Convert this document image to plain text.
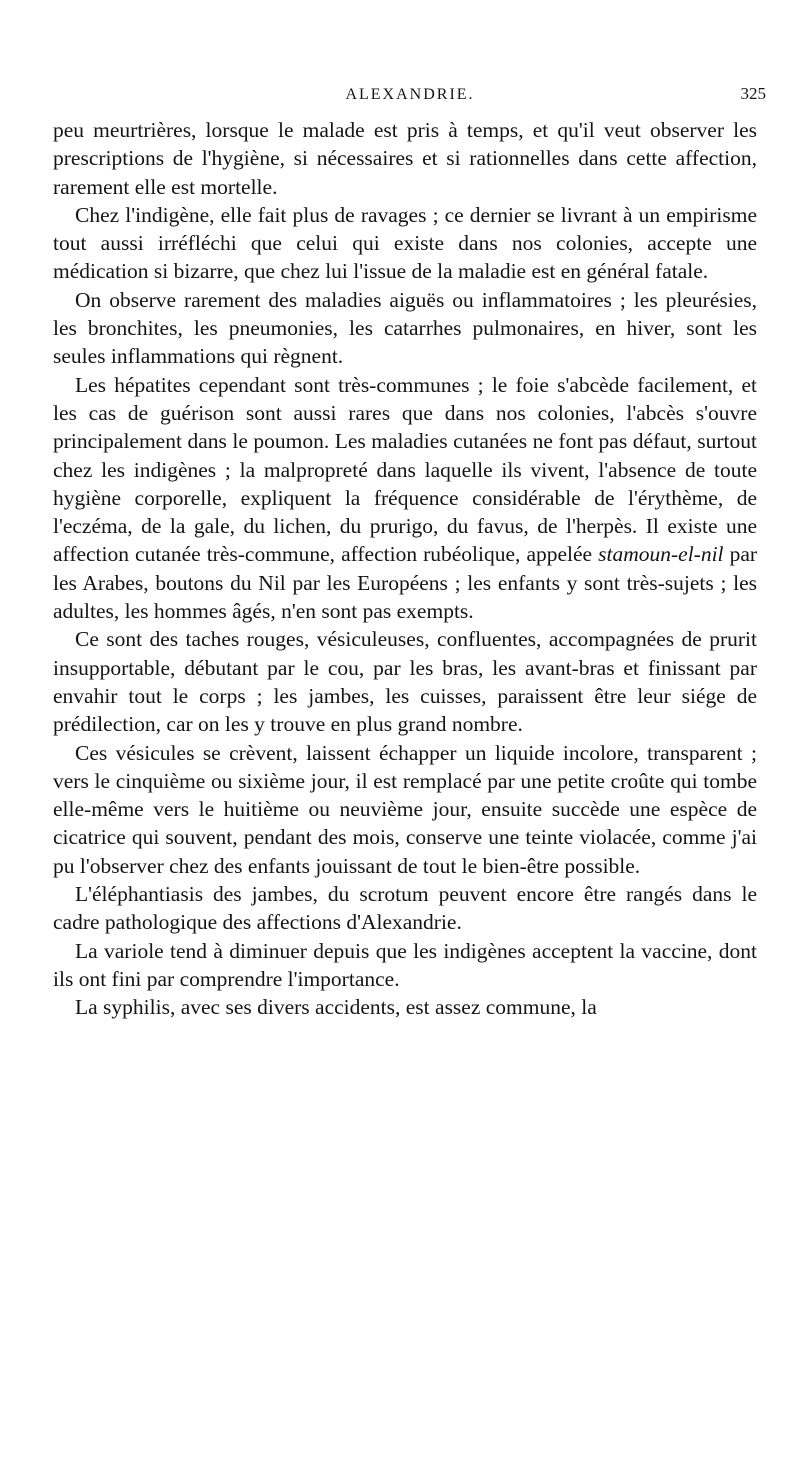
ALEXANDRIE.	325

peu meurtrières, lorsque le malade est pris à temps, et qu'il veut observer les prescriptions de l'hygiène, si nécessaires et si rationnelles dans cette affection, rarement elle est mortelle.

Chez l'indigène, elle fait plus de ravages ; ce dernier se livrant à un empirisme tout aussi irréfléchi que celui qui existe dans nos colonies, accepte une médication si bizarre, que chez lui l'issue de la maladie est en général fatale.

On observe rarement des maladies aiguës ou inflammatoires ; les pleurésies, les bronchites, les pneumonies, les catarrhes pulmonaires, en hiver, sont les seules inflammations qui règnent.

Les hépatites cependant sont très-communes ; le foie s'abcède facilement, et les cas de guérison sont aussi rares que dans nos colonies, l'abcès s'ouvre principalement dans le poumon. Les maladies cutanées ne font pas défaut, surtout chez les indigènes ; la malpropreté dans laquelle ils vivent, l'absence de toute hygiène corporelle, expliquent la fréquence considérable de l'érythème, de l'eczéma, de la gale, du lichen, du prurigo, du favus, de l'herpès. Il existe une affection cutanée très-commune, affection rubéolique, appelée stamoun-el-nil par les Arabes, boutons du Nil par les Européens ; les enfants y sont très-sujets ; les adultes, les hommes âgés, n'en sont pas exempts.

Ce sont des taches rouges, vésiculeuses, confluentes, accompagnées de prurit insupportable, débutant par le cou, par les bras, les avant-bras et finissant par envahir tout le corps ; les jambes, les cuisses, paraissent être leur siége de prédilection, car on les y trouve en plus grand nombre.

Ces vésicules se crèvent, laissent échapper un liquide incolore, transparent ; vers le cinquième ou sixième jour, il est remplacé par une petite croûte qui tombe elle-même vers le huitième ou neuvième jour, ensuite succède une espèce de cicatrice qui souvent, pendant des mois, conserve une teinte violacée, comme j'ai pu l'observer chez des enfants jouissant de tout le bien-être possible.

L'éléphantiasis des jambes, du scrotum peuvent encore être rangés dans le cadre pathologique des affections d'Alexandrie.

La variole tend à diminuer depuis que les indigènes acceptent la vaccine, dont ils ont fini par comprendre l'importance.

La syphilis, avec ses divers accidents, est assez commune, la
